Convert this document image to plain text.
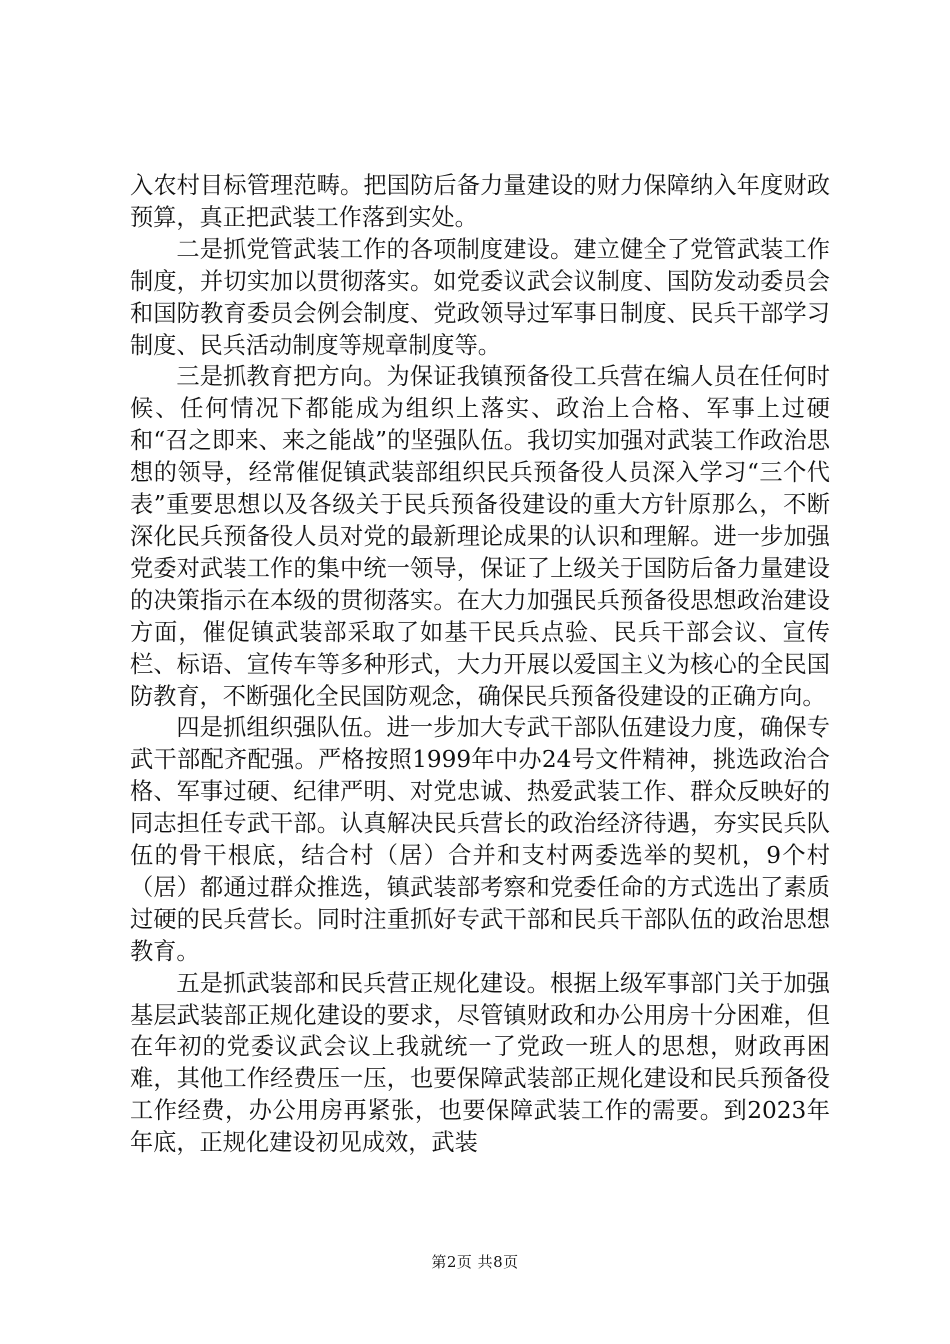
入农村目标管理范畴。把国防后备力量建设的财力保障纳入年度财政预算，真正把武装工作落到实处。

二是抓党管武装工作的各项制度建设。建立健全了党管武装工作制度，并切实加以贯彻落实。如党委议武会议制度、国防发动委员会和国防教育委员会例会制度、党政领导过军事日制度、民兵干部学习制度、民兵活动制度等规章制度等。

三是抓教育把方向。为保证我镇预备役工兵营在编人员在任何时候、任何情况下都能成为组织上落实、政治上合格、军事上过硬和“召之即来、来之能战”的坚强队伍。我切实加强对武装工作政治思想的领导，经常催促镇武装部组织民兵预备役人员深入学习“三个代表”重要思想以及各级关于民兵预备役建设的重大方针原那么，不断深化民兵预备役人员对党的最新理论成果的认识和理解。进一步加强党委对武装工作的集中统一领导，保证了上级关于国防后备力量建设的决策指示在本级的贯彻落实。在大力加强民兵预备役思想政治建设方面，催促镇武装部采取了如基干民兵点验、民兵干部会议、宣传栏、标语、宣传车等多种形式，大力开展以爱国主义为核心的全民国防教育，不断强化全民国防观念，确保民兵预备役建设的正确方向。

四是抓组织强队伍。进一步加大专武干部队伍建设力度，确保专武干部配齐配强。严格按照1999年中办24号文件精神，挑选政治合格、军事过硬、纪律严明、对党忠诚、热爱武装工作、群众反映好的同志担任专武干部。认真解决民兵营长的政治经济待遇，夯实民兵队伍的骨干根底，结合村（居）合并和支村两委选举的契机，9个村（居）都通过群众推选，镇武装部考察和党委任命的方式选出了素质过硬的民兵营长。同时注重抓好专武干部和民兵干部队伍的政治思想教育。

五是抓武装部和民兵营正规化建设。根据上级军事部门关于加强基层武装部正规化建设的要求，尽管镇财政和办公用房十分困难，但在年初的党委议武会议上我就统一了党政一班人的思想，财政再困难，其他工作经费压一压，也要保障武装部正规化建设和民兵预备役工作经费，办公用房再紧张，也要保障武装工作的需要。到2023年年底，正规化建设初见成效，武装

第2页 共8页
